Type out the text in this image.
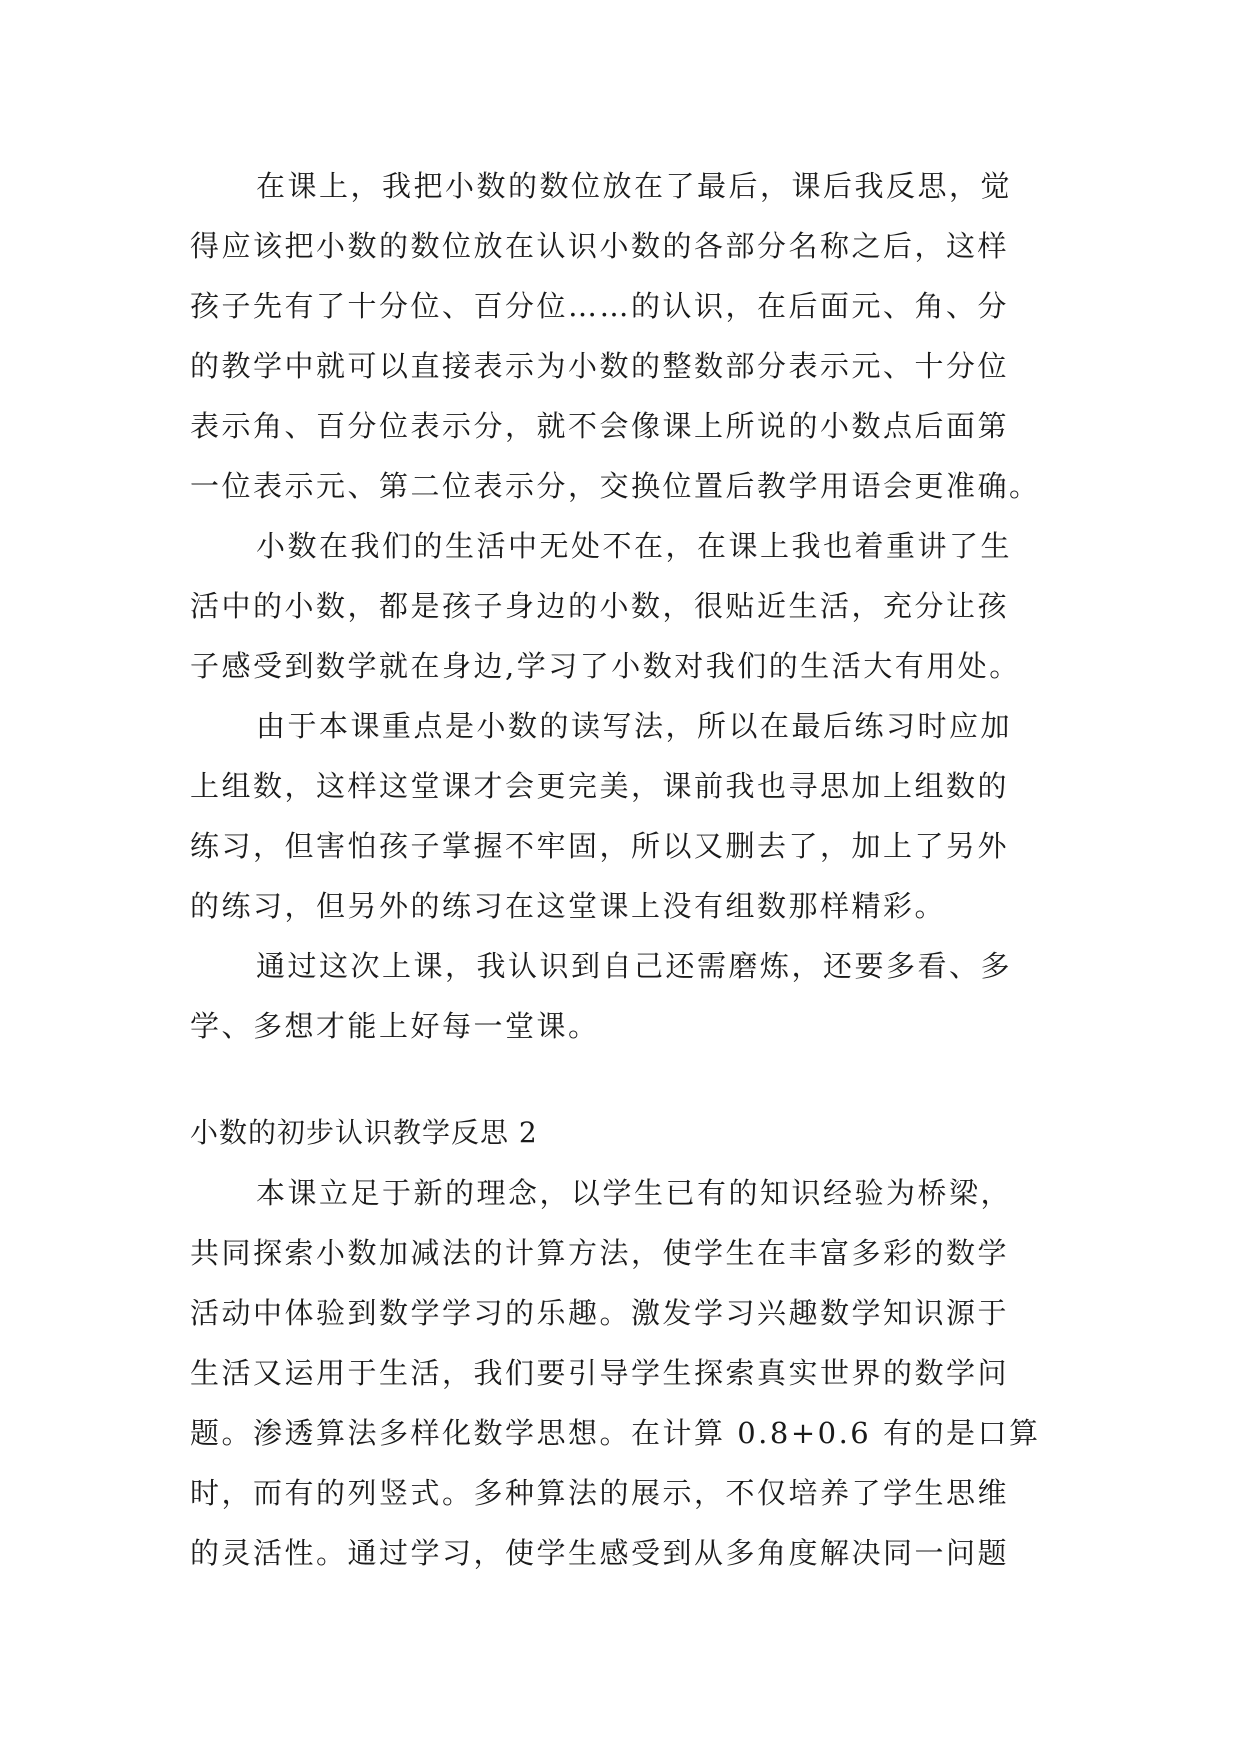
在课上，我把小数的数位放在了最后，课后我反思，觉
得应该把小数的数位放在认识小数的各部分名称之后，这样
孩子先有了十分位、百分位……的认识，在后面元、角、分
的教学中就可以直接表示为小数的整数部分表示元、十分位
表示角、百分位表示分，就不会像课上所说的小数点后面第
一位表示元、第二位表示分，交换位置后教学用语会更准确。
小数在我们的生活中无处不在，在课上我也着重讲了生
活中的小数，都是孩子身边的小数，很贴近生活，充分让孩
子感受到数学就在身边,学习了小数对我们的生活大有用处。
由于本课重点是小数的读写法，所以在最后练习时应加
上组数，这样这堂课才会更完美，课前我也寻思加上组数的
练习，但害怕孩子掌握不牢固，所以又删去了，加上了另外
的练习，但另外的练习在这堂课上没有组数那样精彩。
通过这次上课，我认识到自己还需磨炼，还要多看、多
学、多想才能上好每一堂课。
小数的初步认识教学反思 2
本课立足于新的理念，以学生已有的知识经验为桥梁，
共同探索小数加减法的计算方法，使学生在丰富多彩的数学
活动中体验到数学学习的乐趣。激发学习兴趣数学知识源于
生活又运用于生活，我们要引导学生探索真实世界的数学问
题。渗透算法多样化数学思想。在计算 0.8+0.6 有的是口算
时，而有的列竖式。多种算法的展示，不仅培养了学生思维
的灵活性。通过学习，使学生感受到从多角度解决同一问题
